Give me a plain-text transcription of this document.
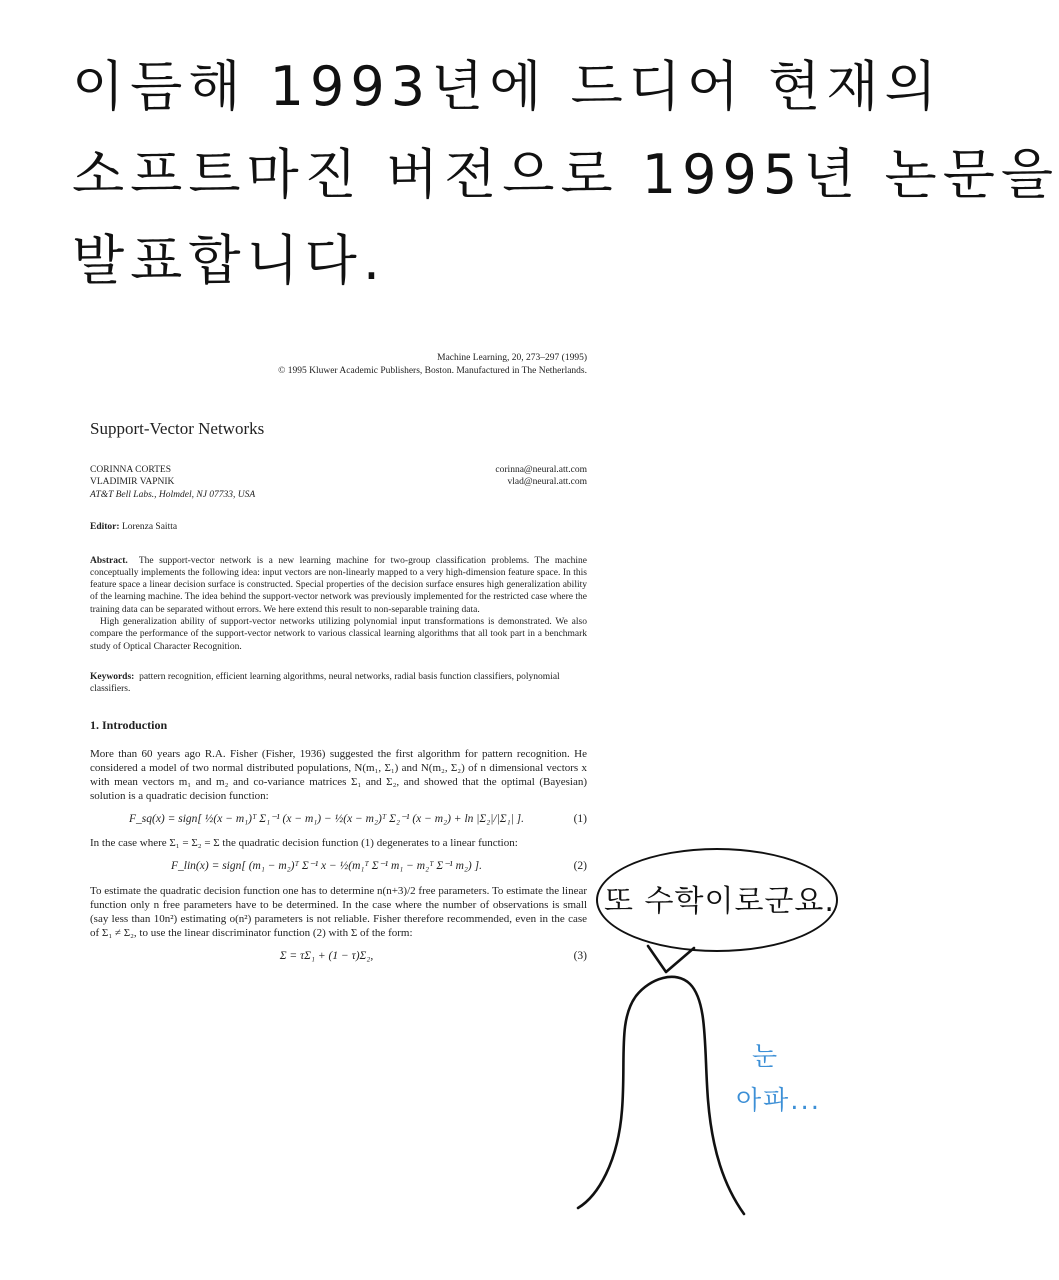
이듬해 1993년에 드디어 현재의
소프트마진 버전으로 1995년 논문을
발표합니다.
Machine Learning, 20, 273–297 (1995)
© 1995 Kluwer Academic Publishers, Boston. Manufactured in The Netherlands.
Support-Vector Networks
CORINNA CORTES
VLADIMIR VAPNIK
AT&T Bell Labs., Holmdel, NJ 07733, USA
corinna@neural.att.com
vlad@neural.att.com
Editor: Lorenza Saitta
Abstract. The support-vector network is a new learning machine for two-group classification problems. The machine conceptually implements the following idea: input vectors are non-linearly mapped to a very high-dimension feature space. In this feature space a linear decision surface is constructed. Special properties of the decision surface ensures high generalization ability of the learning machine. The idea behind the support-vector network was previously implemented for the restricted case where the training data can be separated without errors. We here extend this result to non-separable training data.
High generalization ability of support-vector networks utilizing polynomial input transformations is demonstrated. We also compare the performance of the support-vector network to various classical learning algorithms that all took part in a benchmark study of Optical Character Recognition.
Keywords: pattern recognition, efficient learning algorithms, neural networks, radial basis function classifiers, polynomial classifiers.
1. Introduction
More than 60 years ago R.A. Fisher (Fisher, 1936) suggested the first algorithm for pattern recognition. He considered a model of two normal distributed populations, N(m₁, Σ₁) and N(m₂, Σ₂) of n dimensional vectors x with mean vectors m₁ and m₂ and co-variance matrices Σ₁ and Σ₂, and showed that the optimal (Bayesian) solution is a quadratic decision function:
F_sq(x) = sign[ ½(x − m₁)ᵀ Σ₁⁻¹ (x − m₁) − ½(x − m₂)ᵀ Σ₂⁻¹ (x − m₂) + ln |Σ₂|/|Σ₁| ].	(1)
In the case where Σ₁ = Σ₂ = Σ the quadratic decision function (1) degenerates to a linear function:
F_lin(x) = sign[ (m₁ − m₂)ᵀ Σ⁻¹ x − ½(m₁ᵀ Σ⁻¹ m₁ − m₂ᵀ Σ⁻¹ m₂) ].	(2)
To estimate the quadratic decision function one has to determine n(n+3)/2 free parameters. To estimate the linear function only n free parameters have to be determined. In the case where the number of observations is small (say less than 10n²) estimating o(n²) parameters is not reliable. Fisher therefore recommended, even in the case of Σ₁ ≠ Σ₂, to use the linear discriminator function (2) with Σ of the form:
Σ = τΣ₁ + (1 − τ)Σ₂,	(3)
또 수학이로군요.
눈
아파...
